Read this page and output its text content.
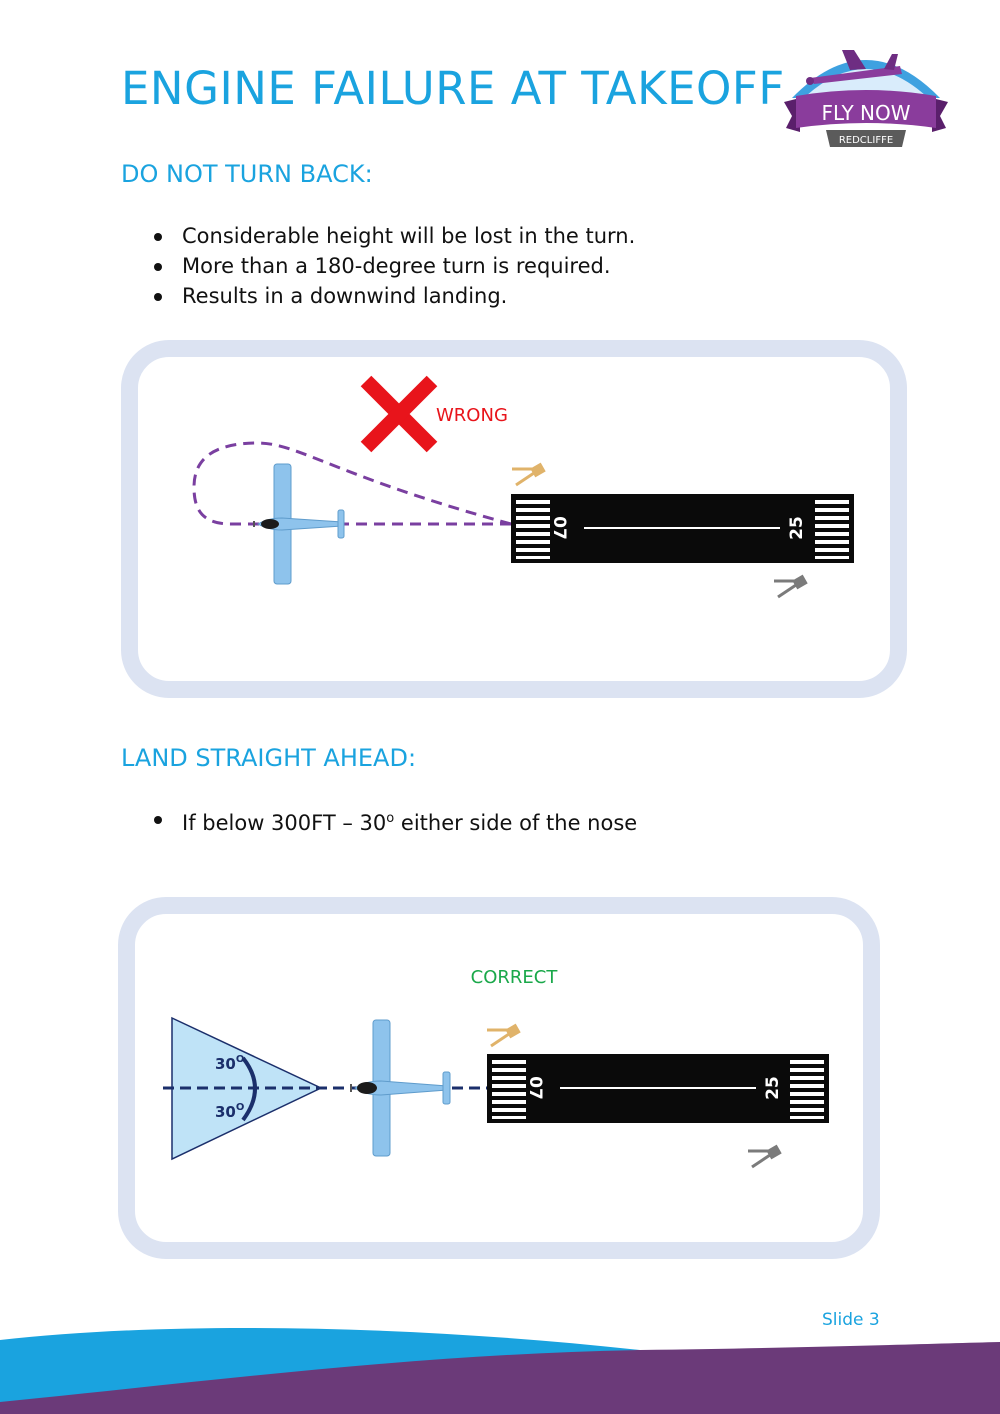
ENGINE FAILURE AT TAKEOFF FLY NOW
REDCLIFFE
DO NOT TURN BACK:
Considerable height will be lost in the turn.
More than a 180-degree turn is required.
Results in a downwind landing.
WRONG
07	25
LAND STRAIGHT AHEAD:
If below 300FT – 30$^o$ either side of the nose
CORRECT
$30^O$
$30^O$
07	25
Slide 3
